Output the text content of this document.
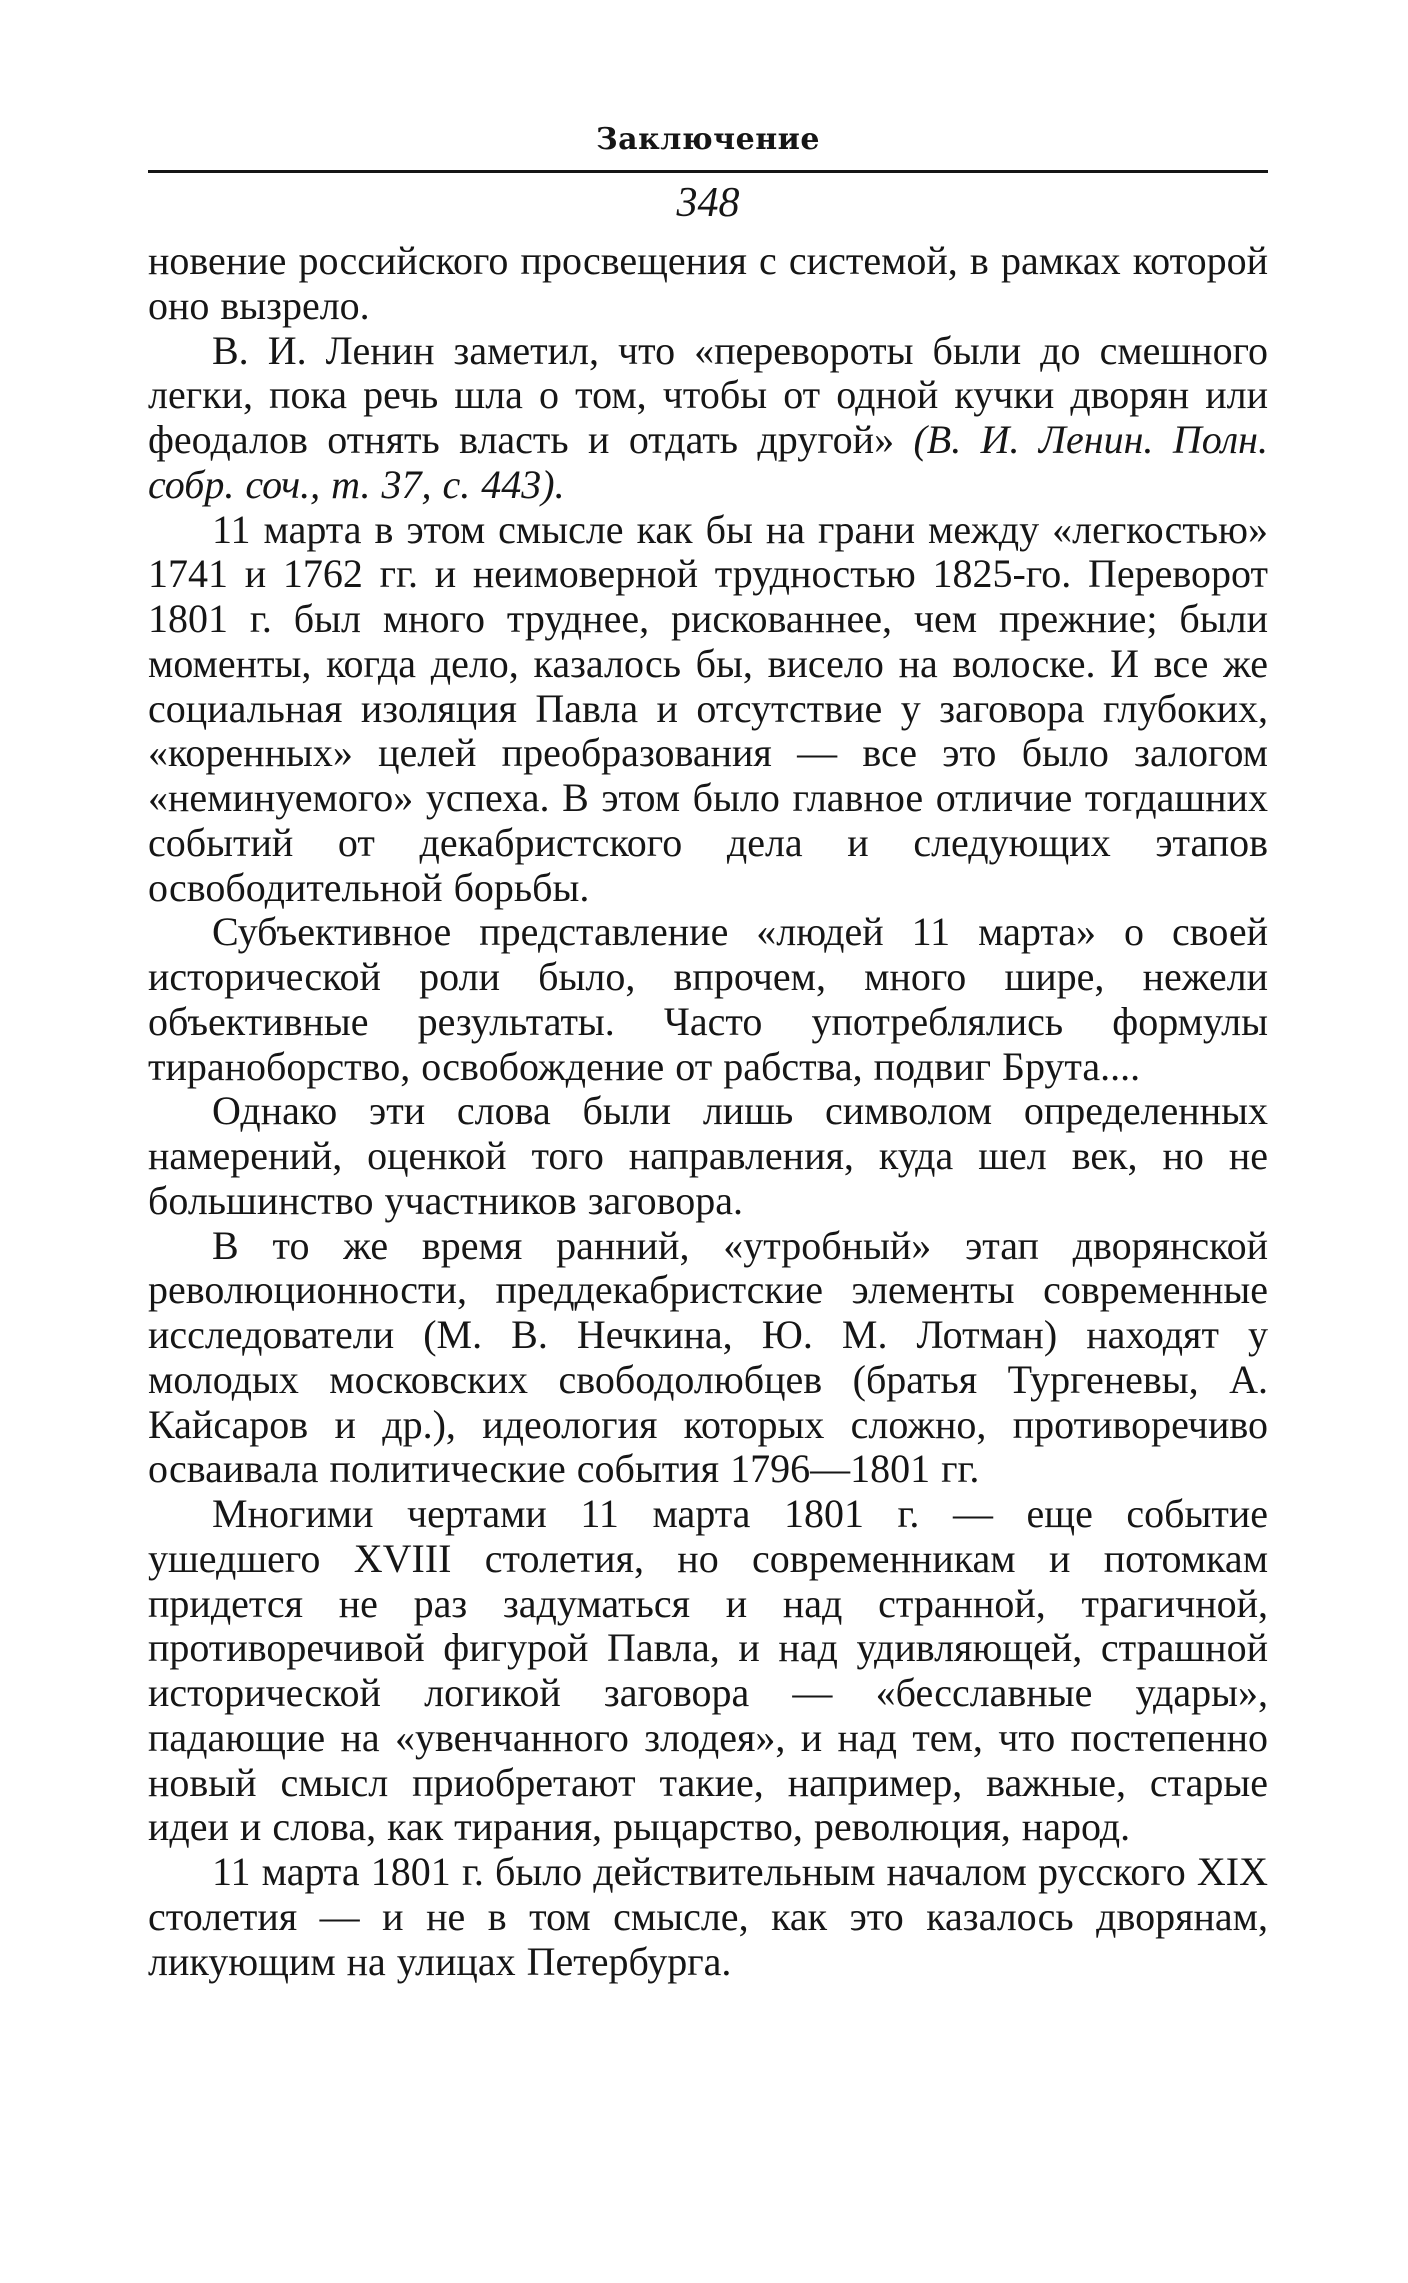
Заключение
348

новение российского просвещения с системой, в рамках которой оно вызрело.

В. И. Ленин заметил, что «перевороты были до смешного легки, пока речь шла о том, чтобы от одной кучки дворян или феодалов отнять власть и отдать другой» (В. И. Ленин. Полн. собр. соч., т. 37, с. 443).

11 марта в этом смысле как бы на грани между «легкостью» 1741 и 1762 гг. и неимоверной трудностью 1825-го. Переворот 1801 г. был много труднее, рискованнее, чем прежние; были моменты, когда дело, казалось бы, висело на волоске. И все же социальная изоляция Павла и отсутствие у заговора глубоких, «коренных» целей преобразования — все это было залогом «неминуемого» успеха. В этом было главное отличие тогдашних событий от декабристского дела и следующих этапов освободительной борьбы.

Субъективное представление «людей 11 марта» о своей исторической роли было, впрочем, много шире, нежели объективные результаты. Часто употреблялись формулы тираноборство, освобождение от рабства, подвиг Брута....

Однако эти слова были лишь символом определенных намерений, оценкой того направления, куда шел век, но не большинство участников заговора.

В то же время ранний, «утробный» этап дворянской революционности, преддекабристские элементы современные исследователи (М. В. Нечкина, Ю. М. Лотман) находят у молодых московских свободолюбцев (братья Тургеневы, А. Кайсаров и др.), идеология которых сложно, противоречиво осваивала политические события 1796—1801 гг.

Многими чертами 11 марта 1801 г. — еще событие ушедшего XVIII столетия, но современникам и потомкам придется не раз задуматься и над странной, трагичной, противоречивой фигурой Павла, и над удивляющей, страшной исторической логикой заговора — «бесславные удары», падающие на «увенчанного злодея», и над тем, что постепенно новый смысл приобретают такие, например, важные, старые идеи и слова, как тирания, рыцарство, революция, народ.

11 марта 1801 г. было действительным началом русского XIX столетия — и не в том смысле, как это казалось дворянам, ликующим на улицах Петербурга.
